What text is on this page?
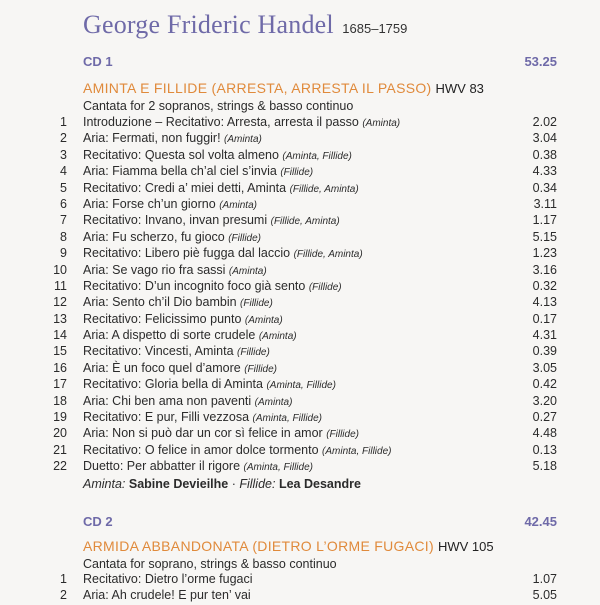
George Frideric Handel 1685–1759
CD 1	53.25
AMINTA E FILLIDE (ARRESTA, ARRESTA IL PASSO) HWV 83
Cantata for 2 sopranos, strings & basso continuo
1 Introduzione – Recitativo: Arresta, arresta il passo (Aminta)	2.02
2 Aria: Fermati, non fuggir! (Aminta)	3.04
3 Recitativo: Questa sol volta almeno (Aminta, Fillide)	0.38
4 Aria: Fiamma bella ch’al ciel s’invia (Fillide)	4.33
5 Recitativo: Credi a’ miei detti, Aminta (Fillide, Aminta)	0.34
6 Aria: Forse ch’un giorno (Aminta)	3.11
7 Recitativo: Invano, invan presumi (Fillide, Aminta)	1.17
8 Aria: Fu scherzo, fu gioco (Fillide)	5.15
9 Recitativo: Libero piè fugga dal laccio (Fillide, Aminta)	1.23
10 Aria: Se vago rio fra sassi (Aminta)	3.16
11 Recitativo: D’un incognito foco già sento (Fillide)	0.32
12 Aria: Sento ch’il Dio bambin (Fillide)	4.13
13 Recitativo: Felicissimo punto (Aminta)	0.17
14 Aria: A dispetto di sorte crudele (Aminta)	4.31
15 Recitativo: Vincesti, Aminta (Fillide)	0.39
16 Aria: È un foco quel d’amore (Fillide)	3.05
17 Recitativo: Gloria bella di Aminta (Aminta, Fillide)	0.42
18 Aria: Chi ben ama non paventi (Aminta)	3.20
19 Recitativo: E pur, Filli vezzosa (Aminta, Fillide)	0.27
20 Aria: Non si può dar un cor sì felice in amor (Fillide)	4.48
21 Recitativo: O felice in amor dolce tormento (Aminta, Fillide)	0.13
22 Duetto: Per abbatter il rigore (Aminta, Fillide)	5.18
Aminta: Sabine Devieilhe · Fillide: Lea Desandre
CD 2	42.45
ARMIDA ABBANDONATA (DIETRO L’ORME FUGACI) HWV 105
Cantata for soprano, strings & basso continuo
1 Recitativo: Dietro l’orme fugaci	1.07
2 Aria: Ah crudele! E pur ten’ vai	5.05
